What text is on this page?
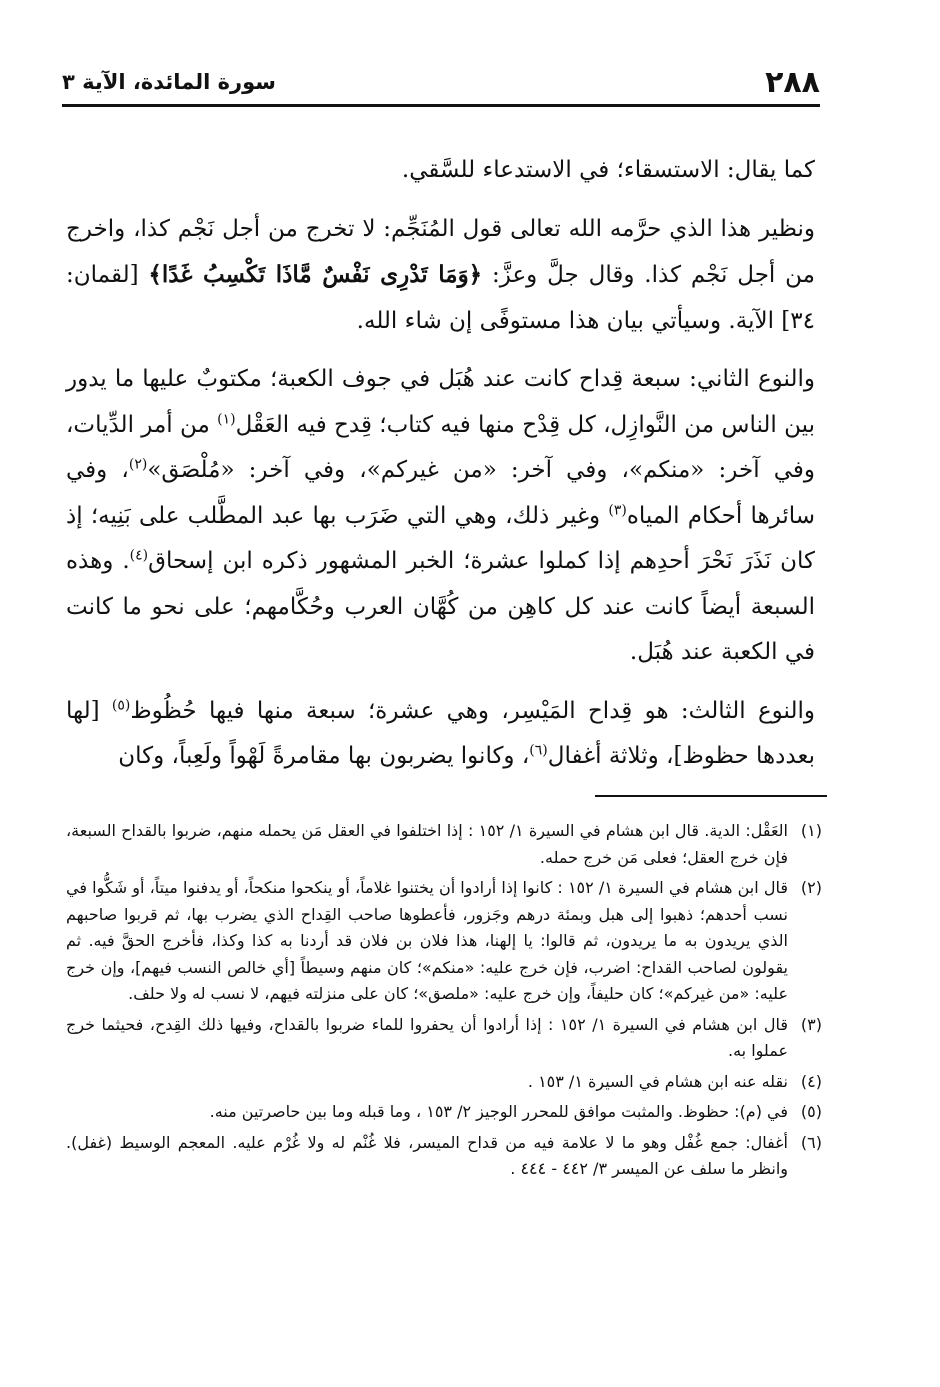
٢٨٨
سورة المائدة، الآية ٣

كما يقال: الاستسقاء؛ في الاستدعاء للسَّقي.

ونظير هذا الذي حرَّمه الله تعالى قول المُنَجِّم: لا تخرج من أجل نَجْم كذا، واخرج من أجل نَجْم كذا. وقال جلَّ وعزَّ: ﴿وَمَا تَدْرِى نَفْسٌ مَّاذَا تَكْسِبُ غَدًا﴾ [لقمان: ٣٤] الآية. وسيأتي بيان هذا مستوفًى إن شاء الله.

والنوع الثاني: سبعة قِداح كانت عند هُبَل في جوف الكعبة؛ مكتوبٌ عليها ما يدور بين الناس من النَّوازِل، كل قِدْح منها فيه كتاب؛ قِدح فيه العَقْل$^{(١)}$ من أمر الدِّيات، وفي آخر: «منكم»، وفي آخر: «من غيركم»، وفي آخر: «مُلْصَق»$^{(٢)}$، وفي سائرها أحكام المياه$^{(٣)}$ وغير ذلك، وهي التي ضَرَب بها عبد المطَّلب على بَنِيه؛ إذ كان نَذَرَ نَحْرَ أحدِهم إذا كملوا عشرة؛ الخبر المشهور ذكره ابن إسحاق$^{(٤)}$. وهذه السبعة أيضاً كانت عند كل كاهِن من كُهَّان العرب وحُكَّامهم؛ على نحو ما كانت في الكعبة عند هُبَل.

والنوع الثالث: هو قِداح المَيْسِر، وهي عشرة؛ سبعة منها فيها حُظُوظ$^{(٥)}$ [لها بعددها حظوظ]، وثلاثة أغفال$^{(٦)}$، وكانوا يضربون بها مقامرةً لَهْواً ولَعِباً، وكان

(١)
العَقْل: الدية. قال ابن هشام في السيرة ١/ ١٥٢ : إذا اختلفوا في العقل مَن يحمله منهم، ضربوا بالقداح السبعة، فإن خرج العقل؛ فعلى مَن خرج حمله.
(٢)
قال ابن هشام في السيرة ١/ ١٥٢ : كانوا إذا أرادوا أن يختنوا غلاماً، أو ينكحوا منكحاً، أو يدفنوا ميتاً، أو شَكُّوا في نسب أحدهم؛ ذهبوا إلى هبل وبمئة درهم وجَزور، فأعطوها صاحب القِداح الذي يضرب بها، ثم قربوا صاحبهم الذي يريدون به ما يريدون، ثم قالوا: يا إلهنا، هذا فلان بن فلان قد أردنا به كذا وكذا، فأخرج الحقَّ فيه. ثم يقولون لصاحب القداح: اضرب، فإن خرج عليه: «منكم»؛ كان منهم وسيطاً [أي خالص النسب فيهم]، وإن خرج عليه: «من غيركم»؛ كان حليفاً، وإن خرج عليه: «ملصق»؛ كان على منزلته فيهم، لا نسب له ولا حلف.
(٣)
قال ابن هشام في السيرة ١/ ١٥٢ : إذا أرادوا أن يحفروا للماء ضربوا بالقداح، وفيها ذلك القِدح، فحيثما خرج عملوا به.
(٤)
نقله عنه ابن هشام في السيرة ١/ ١٥٣ .
(٥)
في (م): حظوظ. والمثبت موافق للمحرر الوجيز ٢/ ١٥٣ ، وما قبله وما بين حاصرتين منه.
(٦)
أغفال: جمع غُفْل وهو ما لا علامة فيه من قداح الميسر، فلا غُنْم له ولا غُرْم عليه. المعجم الوسيط (غفل). وانظر ما سلف عن الميسر ٣/ ٤٤٢ - ٤٤٤ .
